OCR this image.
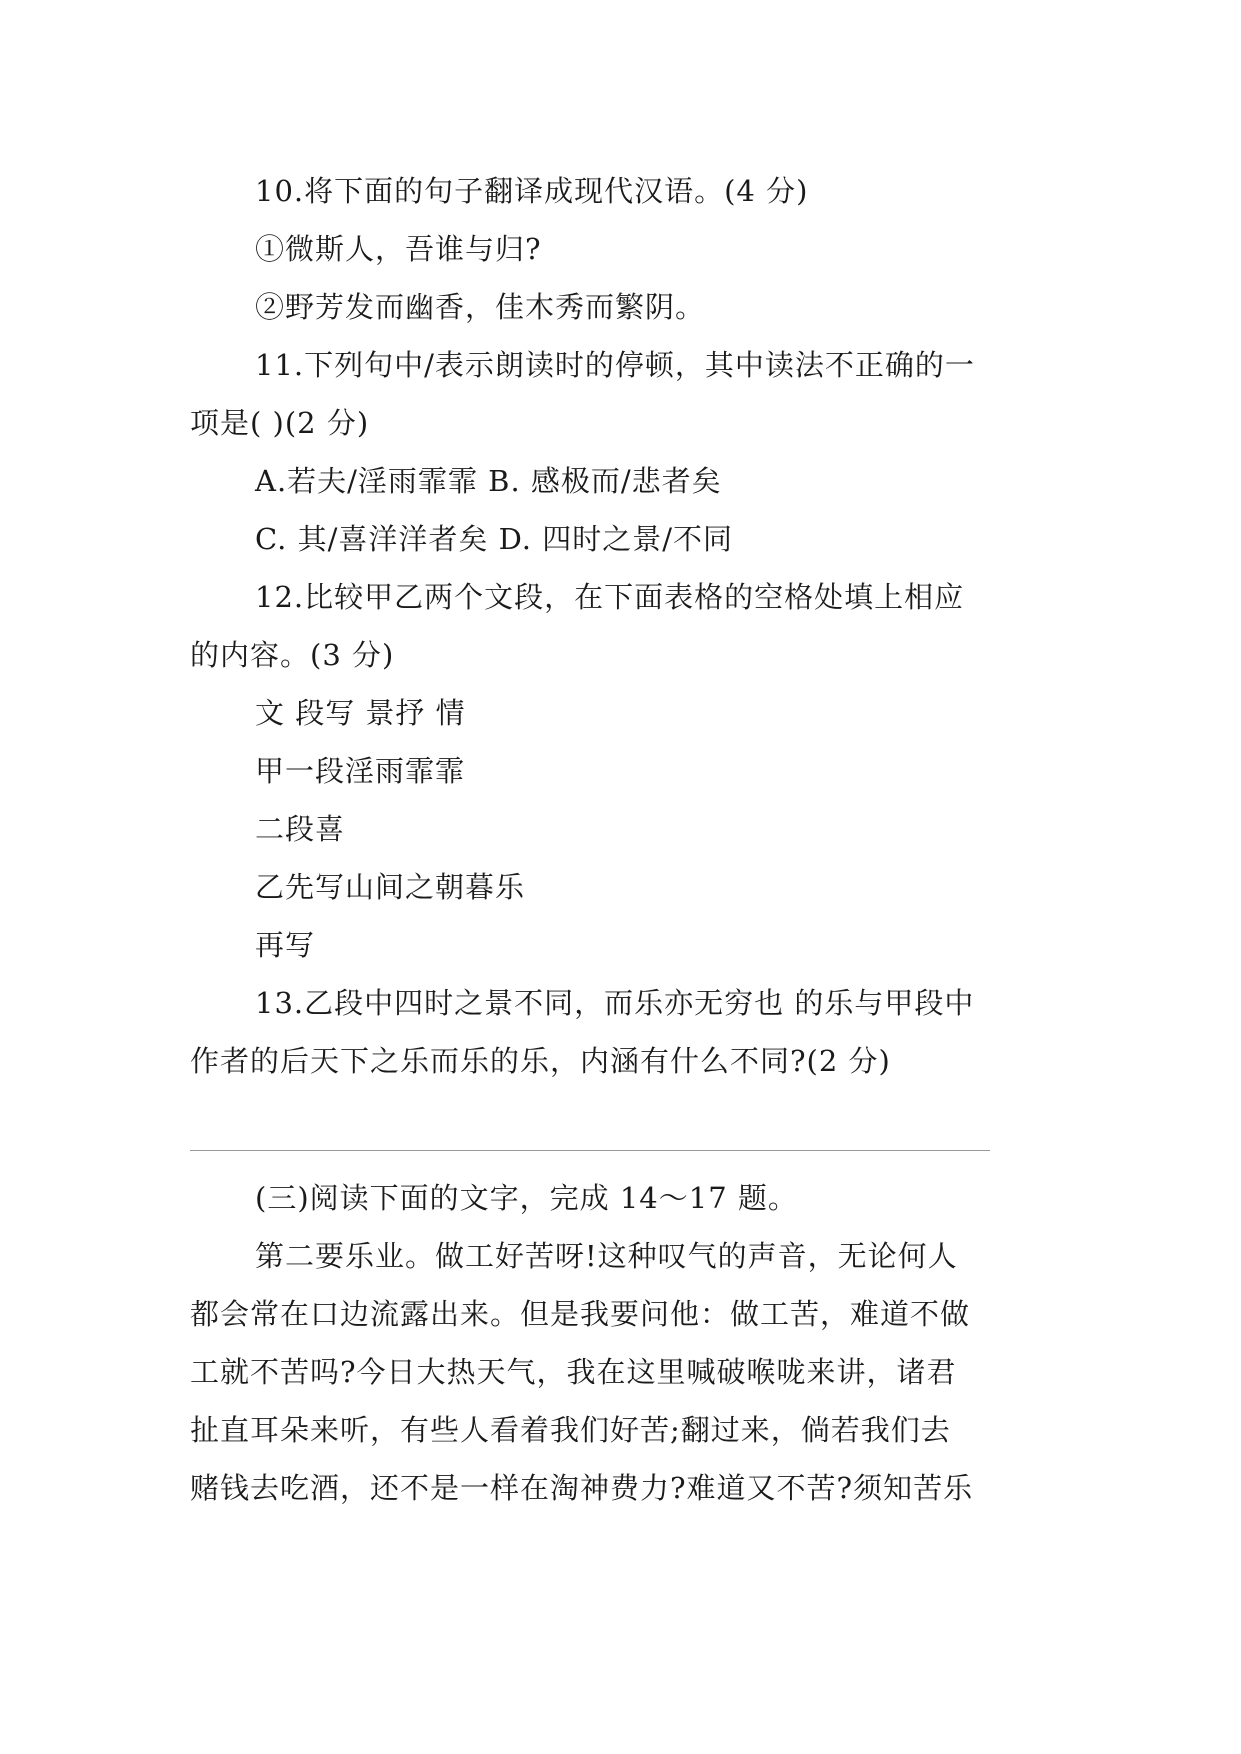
10.将下面的句子翻译成现代汉语。(4 分)

①微斯人，吾谁与归?

②野芳发而幽香，佳木秀而繁阴。

11.下列句中/表示朗读时的停顿，其中读法不正确的一

项是( )(2 分)

A.若夫/淫雨霏霏 B. 感极而/悲者矣

C. 其/喜洋洋者矣 D. 四时之景/不同

12.比较甲乙两个文段，在下面表格的空格处填上相应

的内容。(3 分)

文 段写 景抒 情

甲一段淫雨霏霏

二段喜

乙先写山间之朝暮乐

再写

13.乙段中四时之景不同，而乐亦无穷也 的乐与甲段中

作者的后天下之乐而乐的乐，内涵有什么不同?(2 分)

(三)阅读下面的文字，完成 14～17 题。

第二要乐业。做工好苦呀!这种叹气的声音，无论何人

都会常在口边流露出来。但是我要问他：做工苦，难道不做

工就不苦吗?今日大热天气，我在这里喊破喉咙来讲，诸君

扯直耳朵来听，有些人看着我们好苦;翻过来，倘若我们去

赌钱去吃酒，还不是一样在淘神费力?难道又不苦?须知苦乐
